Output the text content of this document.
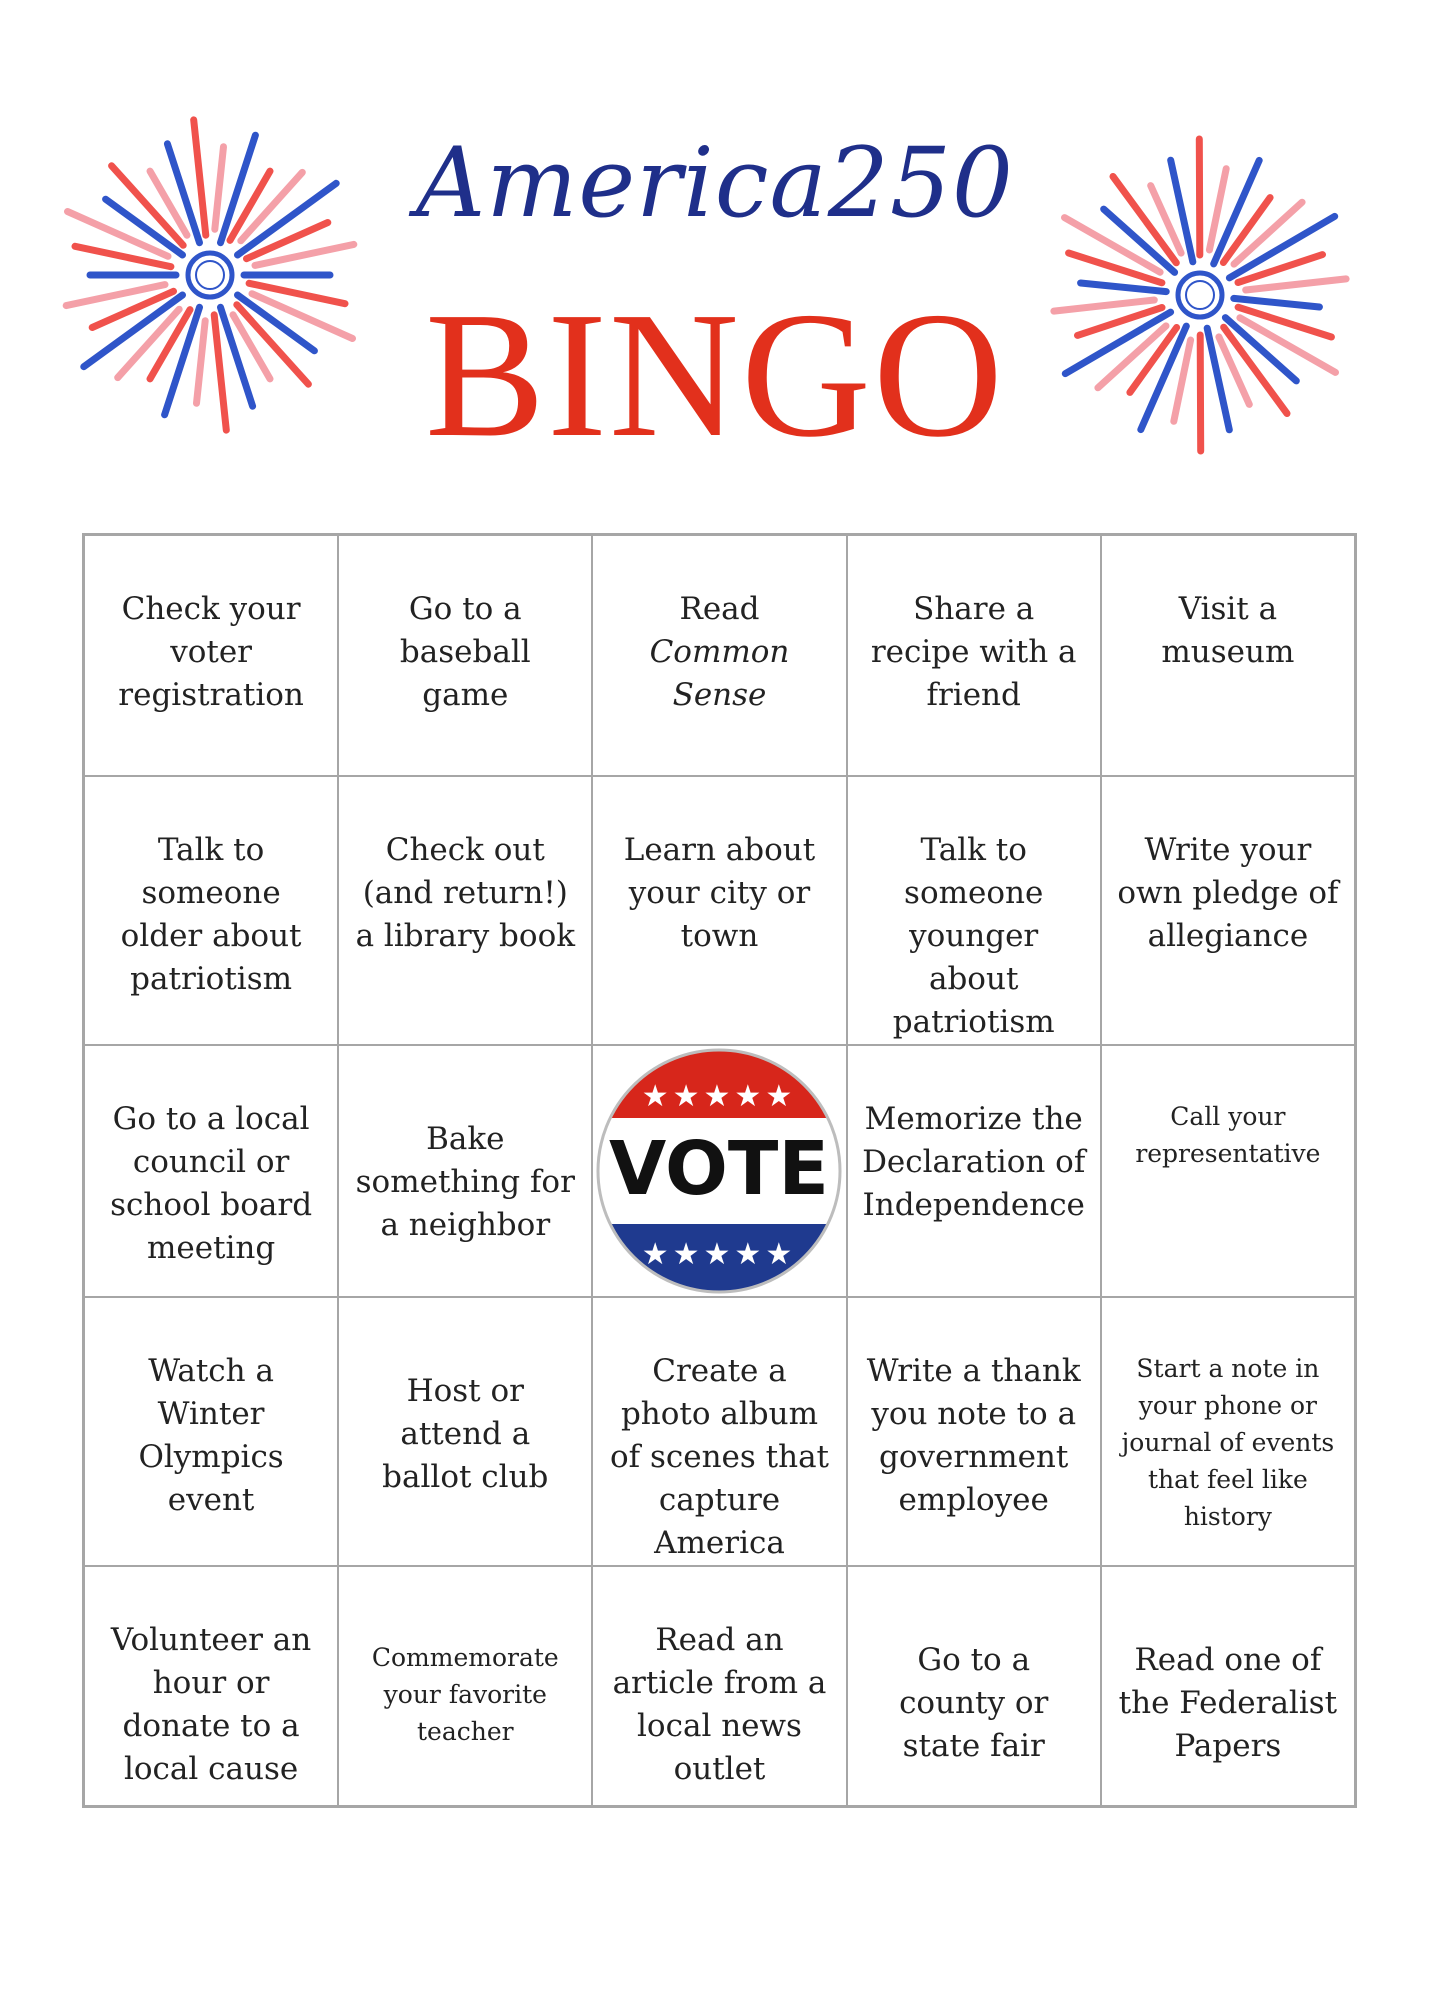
America250
BINGO
Check your voter registration
Go to a baseball game
Read Common Sense
Share a recipe with a friend
Visit a museum
Talk to someone older about patriotism
Check out (and return!) a library book
Learn about your city or town
Talk to someone younger about patriotism
Write your own pledge of allegiance
Go to a local council or school board meeting
Bake something for a neighbor
★★★★★
VOTE
★★★★★
Memorize the Declaration of Independence
Call your representative
Watch a Winter Olympics event
Host or attend a ballot club
Create a photo album of scenes that capture America
Write a thank you note to a government employee
Start a note in your phone or journal of events that feel like history
Volunteer an hour or donate to a local cause
Commemorate your favorite teacher
Read an article from a local news outlet
Go to a county or state fair
Read one of the Federalist Papers
